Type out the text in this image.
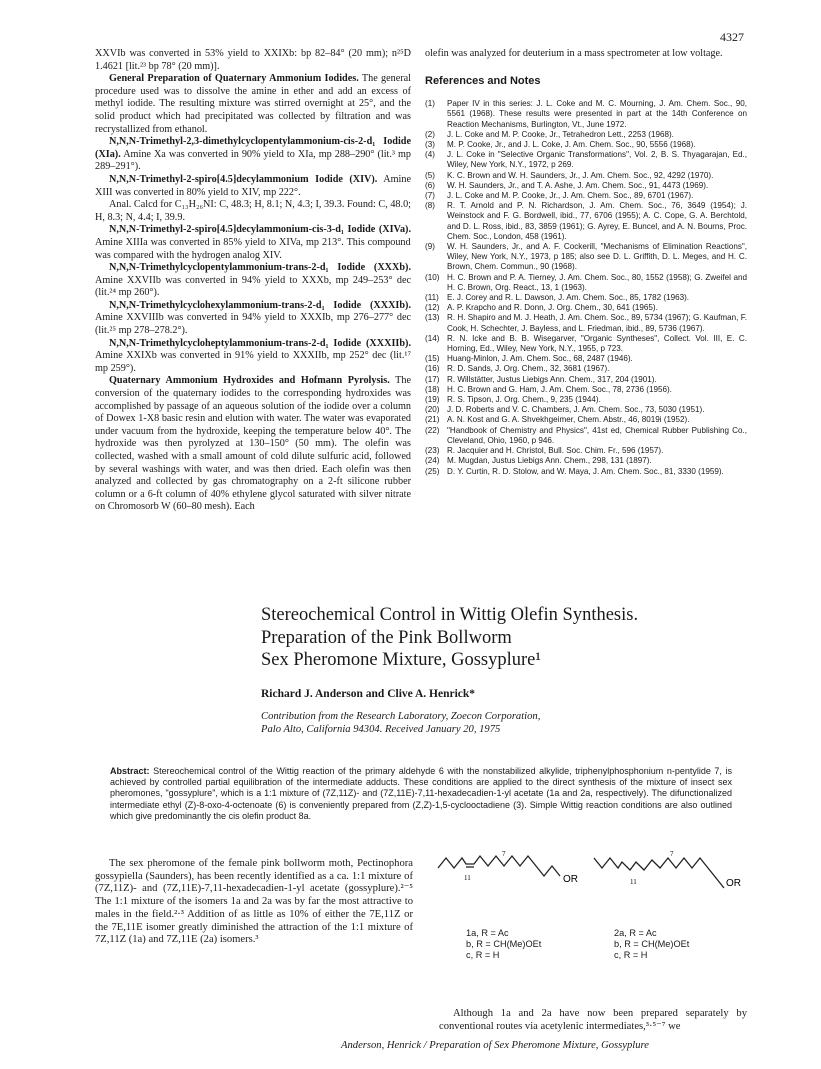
4327

XXVIb was converted in 53% yield to XXIXb: bp 82–84° (20 mm); n²⁵D 1.4621 [lit.²³ bp 78° (20 mm)].

General Preparation of Quaternary Ammonium Iodides. The general procedure used was to dissolve the amine in ether and add an excess of methyl iodide. The resulting mixture was stirred overnight at 25°, and the solid product which had precipitated was collected by filtration and was recrystallized from ethanol.

N,N,N-Trimethyl-2,3-dimethylcyclopentylammonium-cis-2-d₁ Iodide (XIa). Amine Xa was converted in 90% yield to XIa, mp 288–290° (lit.³ mp 289–291°).

N,N,N-Trimethyl-2-spiro[4.5]decylammonium Iodide (XIV). Amine XIII was converted in 80% yield to XIV, mp 222°.

Anal. Calcd for C₁₃H₂₆NI: C, 48.3; H, 8.1; N, 4.3; I, 39.3. Found: C, 48.0; H, 8.3; N, 4.4; I, 39.9.

N,N,N-Trimethyl-2-spiro[4.5]decylammonium-cis-3-d₁ Iodide (XIVa). Amine XIIIa was converted in 85% yield to XIVa, mp 213°. This compound was compared with the hydrogen analog XIV.

N,N,N-Trimethylcyclopentylammonium-trans-2-d₁ Iodide (XXXb). Amine XXVIIb was converted in 94% yield to XXXb, mp 249–253° dec (lit.²⁴ mp 260°).

N,N,N-Trimethylcyclohexylammonium-trans-2-d₁ Iodide (XXXIb). Amine XXVIIIb was converted in 94% yield to XXXIb, mp 276–277° dec (lit.²⁵ mp 278–278.2°).

N,N,N-Trimethylcycloheptylammonium-trans-2-d₁ Iodide (XXXIIb). Amine XXIXb was converted in 91% yield to XXXIIb, mp 252° dec (lit.¹⁷ mp 259°).

Quaternary Ammonium Hydroxides and Hofmann Pyrolysis. The conversion of the quaternary iodides to the corresponding hydroxides was accomplished by passage of an aqueous solution of the iodide over a column of Dowex 1-X8 basic resin and elution with water. The water was evaporated under vacuum from the hydroxide, keeping the temperature below 40°. The hydroxide was then pyrolyzed at 130–150° (50 mm). The olefin was collected, washed with a small amount of cold dilute sulfuric acid, followed by several washings with water, and was then dried. Each olefin was then analyzed and collected by gas chromatography on a 2-ft silicone rubber column or a 6-ft column of 40% ethylene glycol saturated with silver nitrate on Chromosorb W (60–80 mesh). Each

olefin was analyzed for deuterium in a mass spectrometer at low voltage.

References and Notes
(1)	Paper IV in this series: J. L. Coke and M. C. Mourning, J. Am. Chem. Soc., 90, 5561 (1968). These results were presented in part at the 14th Conference on Reaction Mechanisms, Burlington, Vt., June 1972.
(2)	J. L. Coke and M. P. Cooke, Jr., Tetrahedron Lett., 2253 (1968).
(3)	M. P. Cooke, Jr., and J. L. Coke, J. Am. Chem. Soc., 90, 5556 (1968).
(4)	J. L. Coke in "Selective Organic Transformations", Vol. 2, B. S. Thyagarajan, Ed., Wiley, New York, N.Y., 1972, p 269.
(5)	K. C. Brown and W. H. Saunders, Jr., J. Am. Chem. Soc., 92, 4292 (1970).
(6)	W. H. Saunders, Jr., and T. A. Ashe, J. Am. Chem. Soc., 91, 4473 (1969).
(7)	J. L. Coke and M. P. Cooke, Jr., J. Am. Chem. Soc., 89, 6701 (1967).
(8)	R. T. Arnold and P. N. Richardson, J. Am. Chem. Soc., 76, 3649 (1954); J. Weinstock and F. G. Bordwell, ibid., 77, 6706 (1955); A. C. Cope, G. A. Berchtold, and D. L. Ross, ibid., 83, 3859 (1961); G. Ayrey, E. Buncel, and A. N. Bourns, Proc. Chem. Soc., London, 458 (1961).
(9)	W. H. Saunders, Jr., and A. F. Cockerill, "Mechanisms of Elimination Reactions", Wiley, New York, N.Y., 1973, p 185; also see D. L. Griffith, D. L. Meges, and H. C. Brown, Chem. Commun., 90 (1968).
(10) H. C. Brown and P. A. Tierney, J. Am. Chem. Soc., 80, 1552 (1958); G. Zweifel and H. C. Brown, Org. React., 13, 1 (1963).
(11)	E. J. Corey and R. L. Dawson, J. Am. Chem. Soc., 85, 1782 (1963).
(12) A. P. Krapcho and R. Donn, J. Org. Chem., 30, 641 (1965).
(13) R. H. Shapiro and M. J. Heath, J. Am. Chem. Soc., 89, 5734 (1967); G. Kaufman, F. Cook, H. Schechter, J. Bayless, and L. Friedman, ibid., 89, 5736 (1967).
(14) R. N. Icke and B. B. Wisegarver, "Organic Syntheses", Collect. Vol. III, E. C. Horning, Ed., Wiley, New York, N.Y., 1955, p 723.
(15) Huang-Minlon, J. Am. Chem. Soc., 68, 2487 (1946).
(16) R. D. Sands, J. Org. Chem., 32, 3681 (1967).
(17) R. Willstätter, Justus Liebigs Ann. Chem., 317, 204 (1901).
(18) H. C. Brown and G. Ham, J. Am. Chem. Soc., 78, 2736 (1956).
(19) R. S. Tipson, J. Org. Chem., 9, 235 (1944).
(20) J. D. Roberts and V. C. Chambers, J. Am. Chem. Soc., 73, 5030 (1951).
(21) A. N. Kost and G. A. Shvekhgeimer, Chem. Abstr., 46, 8019i (1952).
(22) "Handbook of Chemistry and Physics", 41st ed, Chemical Rubber Publishing Co., Cleveland, Ohio, 1960, p 946.
(23) R. Jacquier and H. Christol, Bull. Soc. Chim. Fr., 596 (1957).
(24) M. Mugdan, Justus Liebigs Ann. Chem., 298, 131 (1897).
(25) D. Y. Curtin, R. D. Stolow, and W. Maya, J. Am. Chem. Soc., 81, 3330 (1959).
Stereochemical Control in Wittig Olefin Synthesis.
Preparation of the Pink Bollworm
Sex Pheromone Mixture, Gossyplure¹
Richard J. Anderson and Clive A. Henrick*
Contribution from the Research Laboratory, Zoecon Corporation,
Palo Alto, California 94304. Received January 20, 1975
Abstract: Stereochemical control of the Wittig reaction of the primary aldehyde 6 with the nonstabilized alkylide, triphenylphosphonium n-pentylide 7, is achieved by controlled partial equilibration of the intermediate adducts. These conditions are applied to the direct synthesis of the mixture of insect sex pheromones, "gossyplure", which is a 1:1 mixture of (7Z,11Z)- and (7Z,11E)-7,11-hexadecadien-1-yl acetate (1a and 2a, respectively). The difunctionalized intermediate ethyl (Z)-8-oxo-4-octenoate (6) is conveniently prepared from (Z,Z)-1,5-cyclooctadiene (3). Simple Wittig reaction conditions are also outlined which give predominantly the cis olefin product 8a.
The sex pheromone of the female pink bollworm moth, Pectinophora gossypiella (Saunders), has been recently identified as a ca. 1:1 mixture of (7Z,11Z)- and (7Z,11E)-7,11-hexadecadien-1-yl acetate (gossyplure).²⁻⁵ The 1:1 mixture of the isomers 1a and 2a was by far the most attractive to males in the field.²·³ Addition of as little as 10% of either the 7E,11Z or the 7E,11E isomer greatly diminished the attraction of the 1:1 mixture of 7Z,11Z (1a) and 7Z,11E (2a) isomers.³
7
11	OR
1a, R = Ac
b, R = CH(Me)OEt
c, R = H
7
11	OR
2a, R = Ac
b, R = CH(Me)OEt
c, R = H
Although 1a and 2a have now been prepared separately by conventional routes via acetylenic intermediates,³·⁵⁻⁷ we
Anderson, Henrick / Preparation of Sex Pheromone Mixture, Gossyplure
